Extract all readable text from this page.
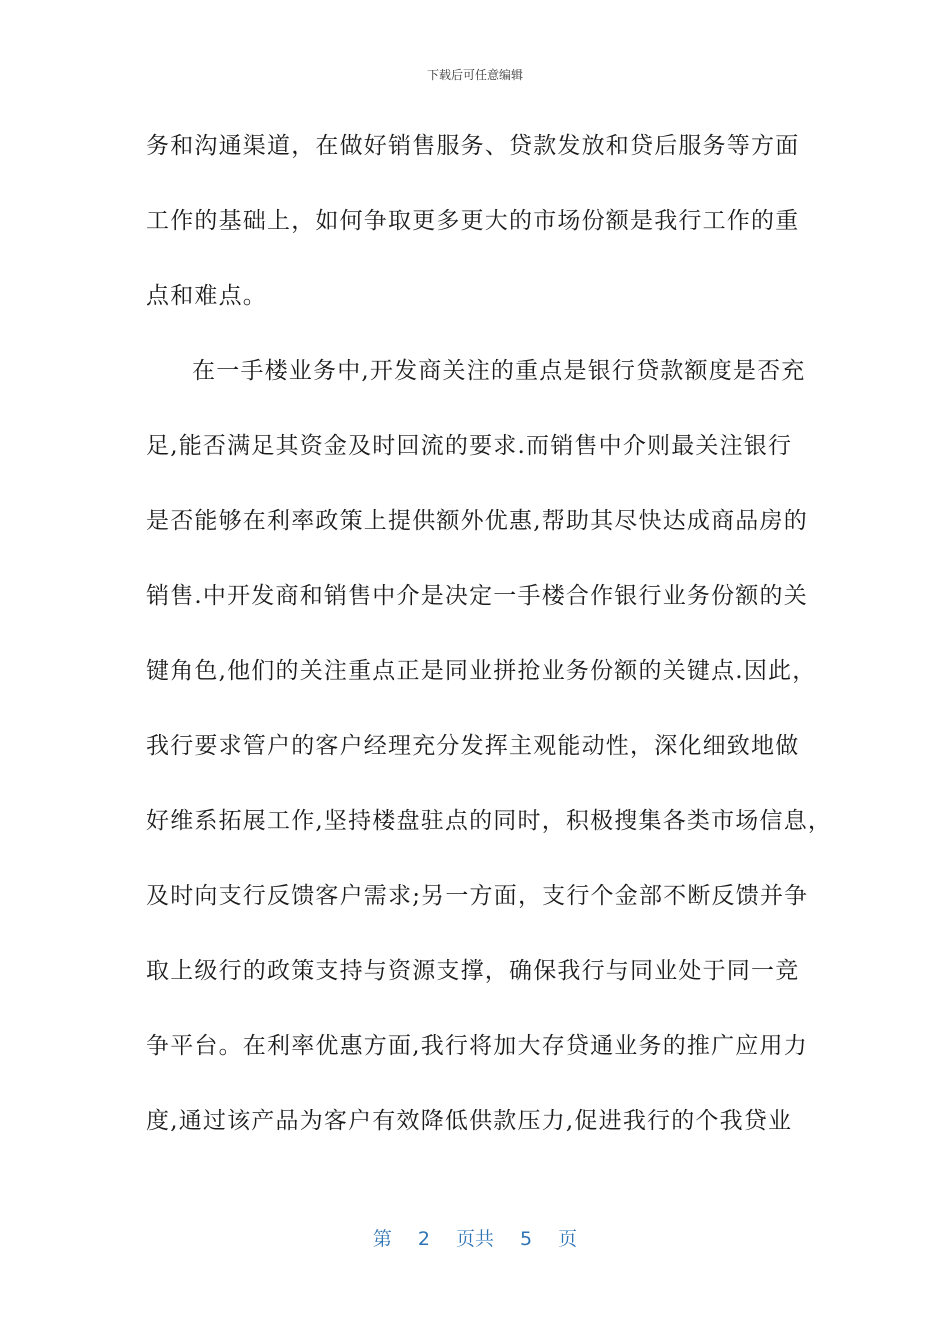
下载后可任意编辑
务和沟通渠道，在做好销售服务、贷款发放和贷后服务等方面
工作的基础上，如何争取更多更大的市场份额是我行工作的重
点和难点。
在一手楼业务中,开发商关注的重点是银行贷款额度是否充
足,能否满足其资金及时回流的要求.而销售中介则最关注银行
是否能够在利率政策上提供额外优惠,帮助其尽快达成商品房的
销售.中开发商和销售中介是决定一手楼合作银行业务份额的关
键角色,他们的关注重点正是同业拼抢业务份额的关键点.因此，
我行要求管户的客户经理充分发挥主观能动性，深化细致地做
好维系拓展工作,坚持楼盘驻点的同时，积极搜集各类市场信息，
及时向支行反馈客户需求;另一方面，支行个金部不断反馈并争
取上级行的政策支持与资源支撑，确保我行与同业处于同一竞
争平台。在利率优惠方面,我行将加大存贷通业务的推广应用力
度,通过该产品为客户有效降低供款压力,促进我行的个我贷业
第 2 页共 5 页
